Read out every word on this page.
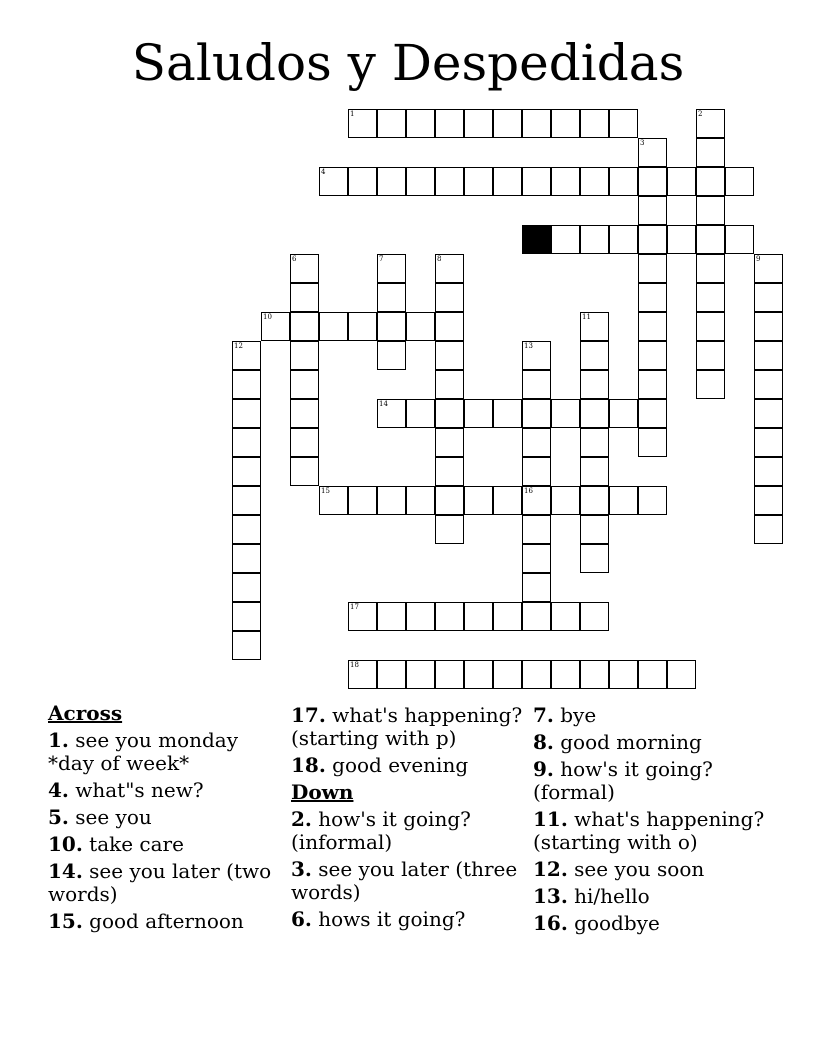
Saludos y Despedidas
1	2
3
4
6	7	8	9
10	11
12	13
16
14
15
17
18
Across
1. see you monday *day of week*
4. what"s new?
5. see you
10. take care
14. see you later (two words)
15. good afternoon
17. what's happening? (starting with p)
18. good evening
Down
2. how's it going? (informal)
3. see you later (three words)
6. hows it going?
7. bye
8. good morning
9. how's it going? (formal)
11. what's happening? (starting with o)
12. see you soon
13. hi/hello
16. goodbye
